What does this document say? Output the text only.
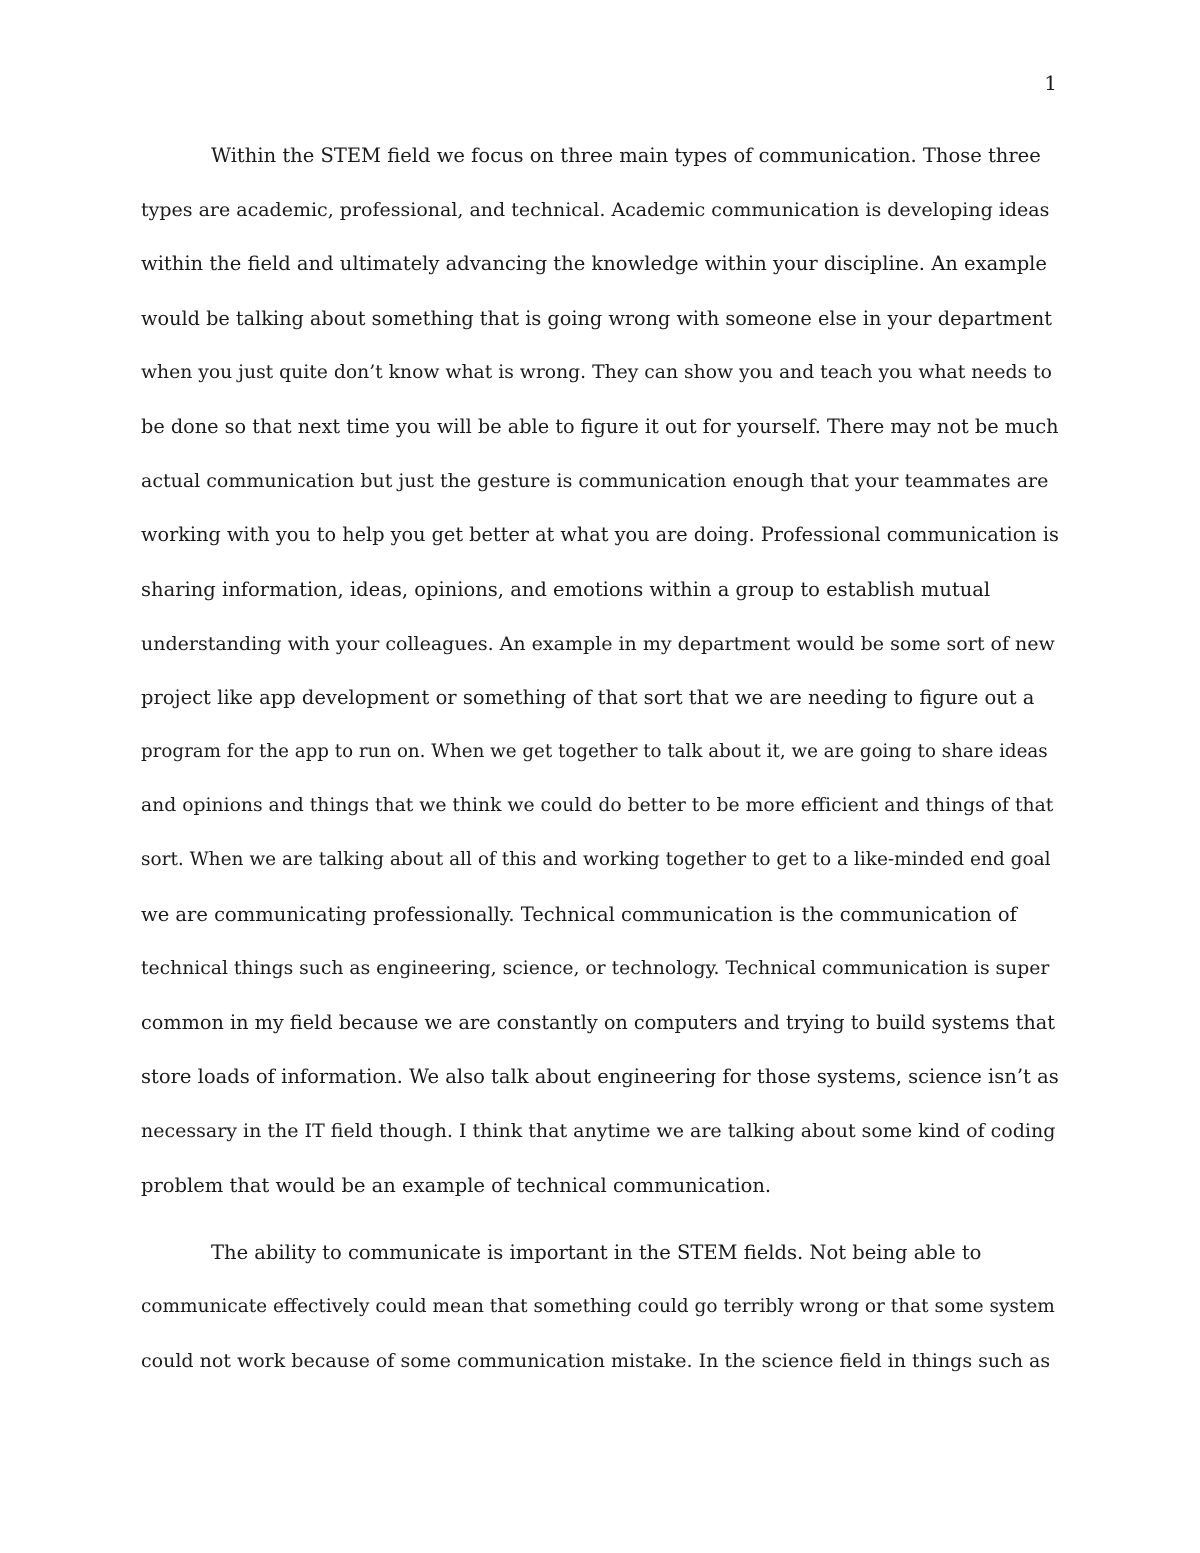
1
Within the STEM field we focus on three main types of communication. Those three
types are academic, professional, and technical. Academic communication is developing ideas
within the field and ultimately advancing the knowledge within your discipline. An example
would be talking about something that is going wrong with someone else in your department
when you just quite don’t know what is wrong. They can show you and teach you what needs to
be done so that next time you will be able to figure it out for yourself. There may not be much
actual communication but just the gesture is communication enough that your teammates are
working with you to help you get better at what you are doing. Professional communication is
sharing information, ideas, opinions, and emotions within a group to establish mutual
understanding with your colleagues. An example in my department would be some sort of new
project like app development or something of that sort that we are needing to figure out a
program for the app to run on. When we get together to talk about it, we are going to share ideas
and opinions and things that we think we could do better to be more efficient and things of that
sort. When we are talking about all of this and working together to get to a like-minded end goal
we are communicating professionally. Technical communication is the communication of
technical things such as engineering, science, or technology. Technical communication is super
common in my field because we are constantly on computers and trying to build systems that
store loads of information. We also talk about engineering for those systems, science isn’t as
necessary in the IT field though. I think that anytime we are talking about some kind of coding
problem that would be an example of technical communication.
The ability to communicate is important in the STEM fields. Not being able to
communicate effectively could mean that something could go terribly wrong or that some system
could not work because of some communication mistake. In the science field in things such as
